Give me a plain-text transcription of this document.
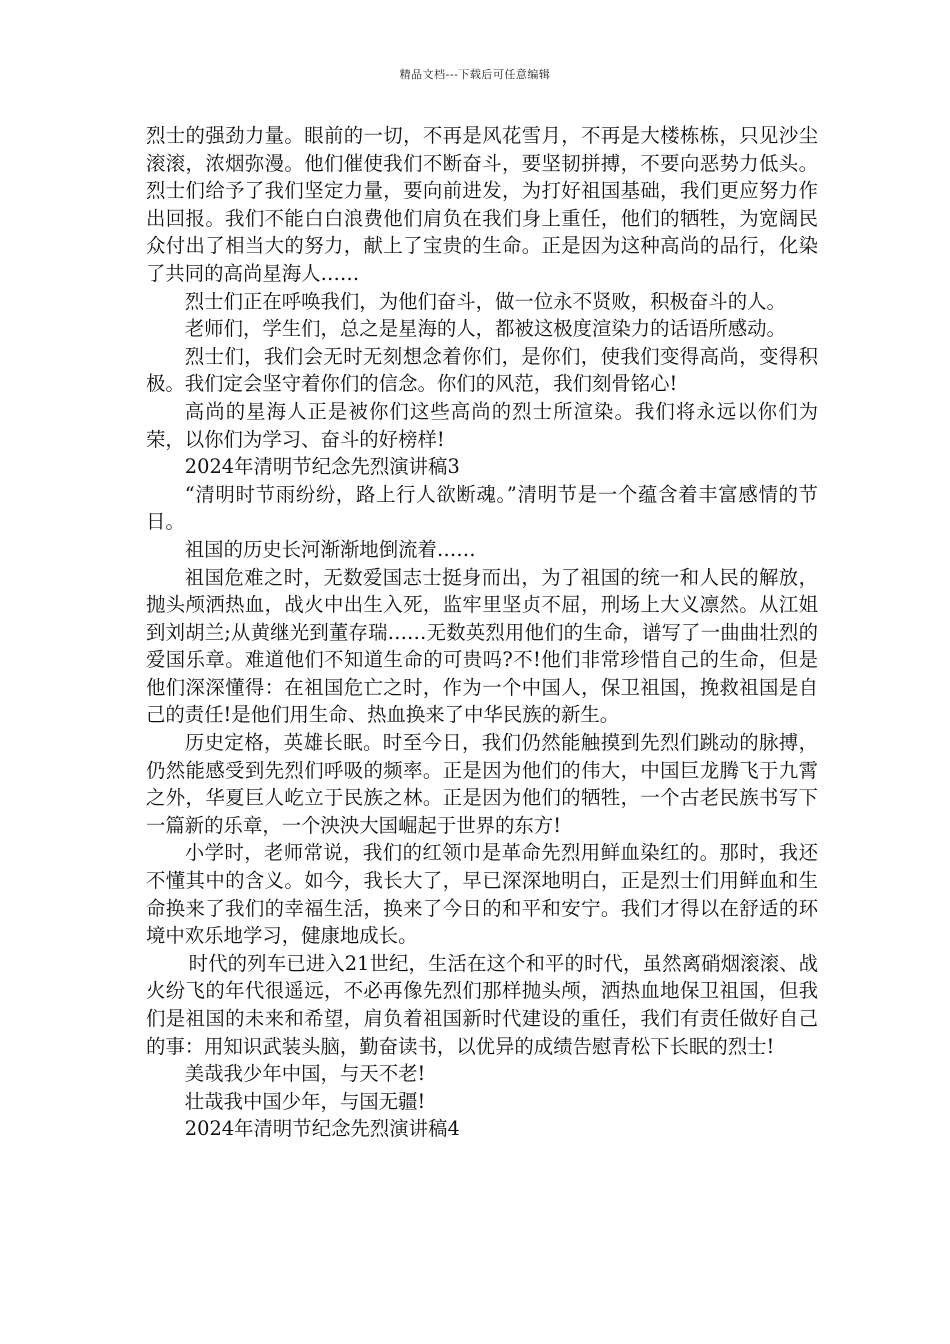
精品文档---下载后可任意编辑

烈士的强劲力量。眼前的一切，不再是风花雪月，不再是大楼栋栋，只见沙尘滚滚，浓烟弥漫。他们催使我们不断奋斗，要坚韧拼搏，不要向恶势力低头。烈士们给予了我们坚定力量，要向前进发，为打好祖国基础，我们更应努力作出回报。我们不能白白浪费他们肩负在我们身上重任，他们的牺牲，为宽阔民众付出了相当大的努力，献上了宝贵的生命。正是因为这种高尚的品行，化染了共同的高尚星海人……

烈士们正在呼唤我们，为他们奋斗，做一位永不贤败，积极奋斗的人。

老师们，学生们，总之是星海的人，都被这极度渲染力的话语所感动。

烈士们，我们会无时无刻想念着你们，是你们，使我们变得高尚，变得积极。我们定会坚守着你们的信念。你们的风范，我们刻骨铭心!

高尚的星海人正是被你们这些高尚的烈士所渲染。我们将永远以你们为荣，以你们为学习、奋斗的好榜样!

2024年清明节纪念先烈演讲稿3

“清明时节雨纷纷，路上行人欲断魂。”清明节是一个蕴含着丰富感情的节日。

祖国的历史长河渐渐地倒流着……

祖国危难之时，无数爱国志士挺身而出，为了祖国的统一和人民的解放，抛头颅洒热血，战火中出生入死，监牢里坚贞不屈，刑场上大义凛然。从江姐到刘胡兰;从黄继光到董存瑞……无数英烈用他们的生命，谱写了一曲曲壮烈的爱国乐章。难道他们不知道生命的可贵吗?不!他们非常珍惜自己的生命，但是他们深深懂得：在祖国危亡之时，作为一个中国人，保卫祖国，挽救祖国是自己的责任!是他们用生命、热血换来了中华民族的新生。

历史定格，英雄长眠。时至今日，我们仍然能触摸到先烈们跳动的脉搏，仍然能感受到先烈们呼吸的频率。正是因为他们的伟大，中国巨龙腾飞于九霄之外，华夏巨人屹立于民族之林。正是因为他们的牺牲，一个古老民族书写下一篇新的乐章，一个泱泱大国崛起于世界的东方!

小学时，老师常说，我们的红领巾是革命先烈用鲜血染红的。那时，我还不懂其中的含义。如今，我长大了，早已深深地明白，正是烈士们用鲜血和生命换来了我们的幸福生活，换来了今日的和平和安宁。我们才得以在舒适的环境中欢乐地学习，健康地成长。

时代的列车已进入21世纪，生活在这个和平的时代，虽然离硝烟滚滚、战火纷飞的年代很遥远，不必再像先烈们那样抛头颅，洒热血地保卫祖国，但我们是祖国的未来和希望，肩负着祖国新时代建设的重任，我们有责任做好自己的事：用知识武装头脑，勤奋读书，以优异的成绩告慰青松下长眠的烈士!

美哉我少年中国，与天不老!

壮哉我中国少年，与国无疆!

2024年清明节纪念先烈演讲稿4
